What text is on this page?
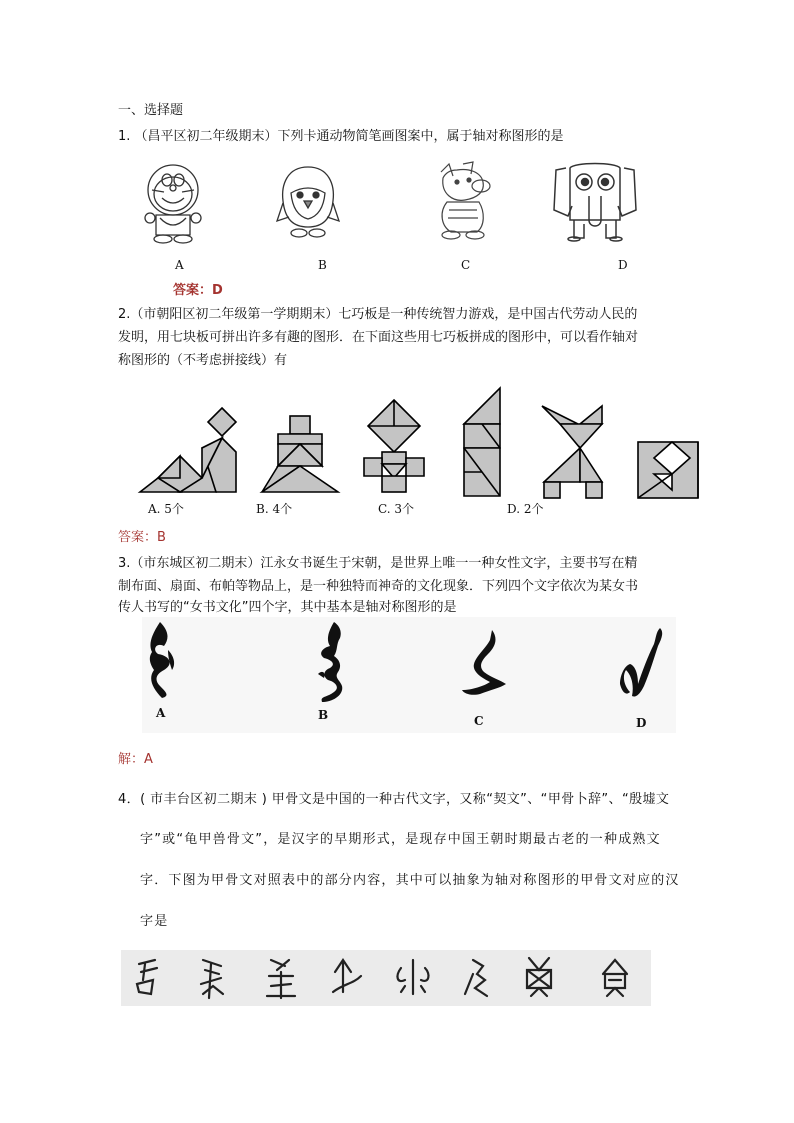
一、选择题
1. （昌平区初二年级期末）下列卡通动物简笔画图案中，属于轴对称图形的是
A	B	C	D
答案：D
2.（市朝阳区初二年级第一学期期末）七巧板是一种传统智力游戏，是中国古代劳动人民的
发明，用七块板可拼出许多有趣的图形．在下面这些用七巧板拼成的图形中，可以看作轴对
称图形的（不考虑拼接线）有
A. 5个	B. 4个	C. 3个	D. 2个
答案：B
3.（市东城区初二期末）江永女书诞生于宋朝，是世界上唯一一种女性文字，主要书写在精
制布面、扇面、布帕等物品上，是一种独特而神奇的文化现象．下列四个文字依次为某女书
传人书写的“女书文化”四个字，其中基本是轴对称图形的是
A	B	C	D
解：A
4．( 市丰台区初二期末 ) 甲骨文是中国的一种古代文字，又称“契文”、“甲骨卜辞”、“殷墟文
字”或“龟甲兽骨文”，是汉字的早期形式，是现存中国王朝时期最古老的一种成熟文
字．下图为甲骨文对照表中的部分内容，其中可以抽象为轴对称图形的甲骨文对应的汉
字是
